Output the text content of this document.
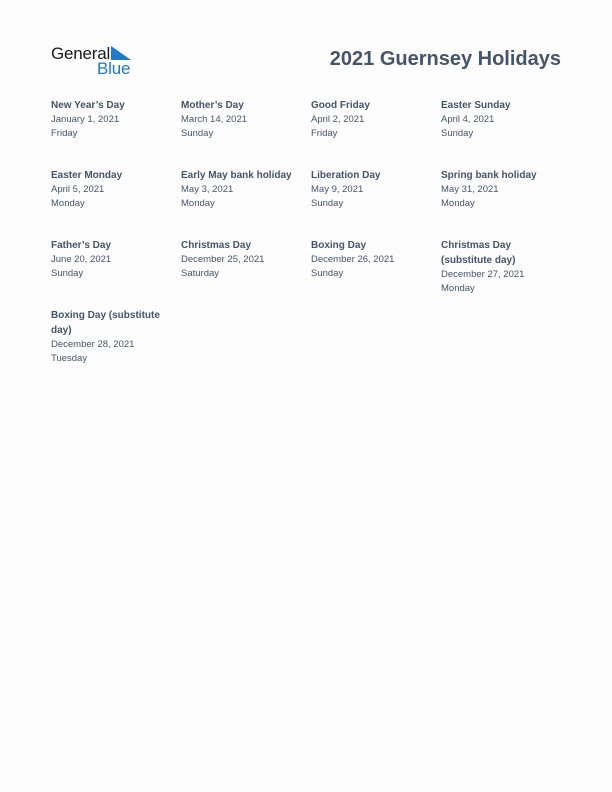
General
Blue	2021 Guernsey Holidays
New Year’s Day
January 1, 2021
Friday
Mother’s Day
March 14, 2021
Sunday
Good Friday
April 2, 2021
Friday
Easter Sunday
April 4, 2021
Sunday
Easter Monday
April 5, 2021
Monday
Early May bank holiday
May 3, 2021
Monday
Liberation Day
May 9, 2021
Sunday
Spring bank holiday
May 31, 2021
Monday
Father’s Day
June 20, 2021
Sunday
Christmas Day
December 25, 2021
Saturday
Boxing Day
December 26, 2021
Sunday
Christmas Day (substitute day)
December 27, 2021
Monday
Boxing Day (substitute day)
December 28, 2021
Tuesday
